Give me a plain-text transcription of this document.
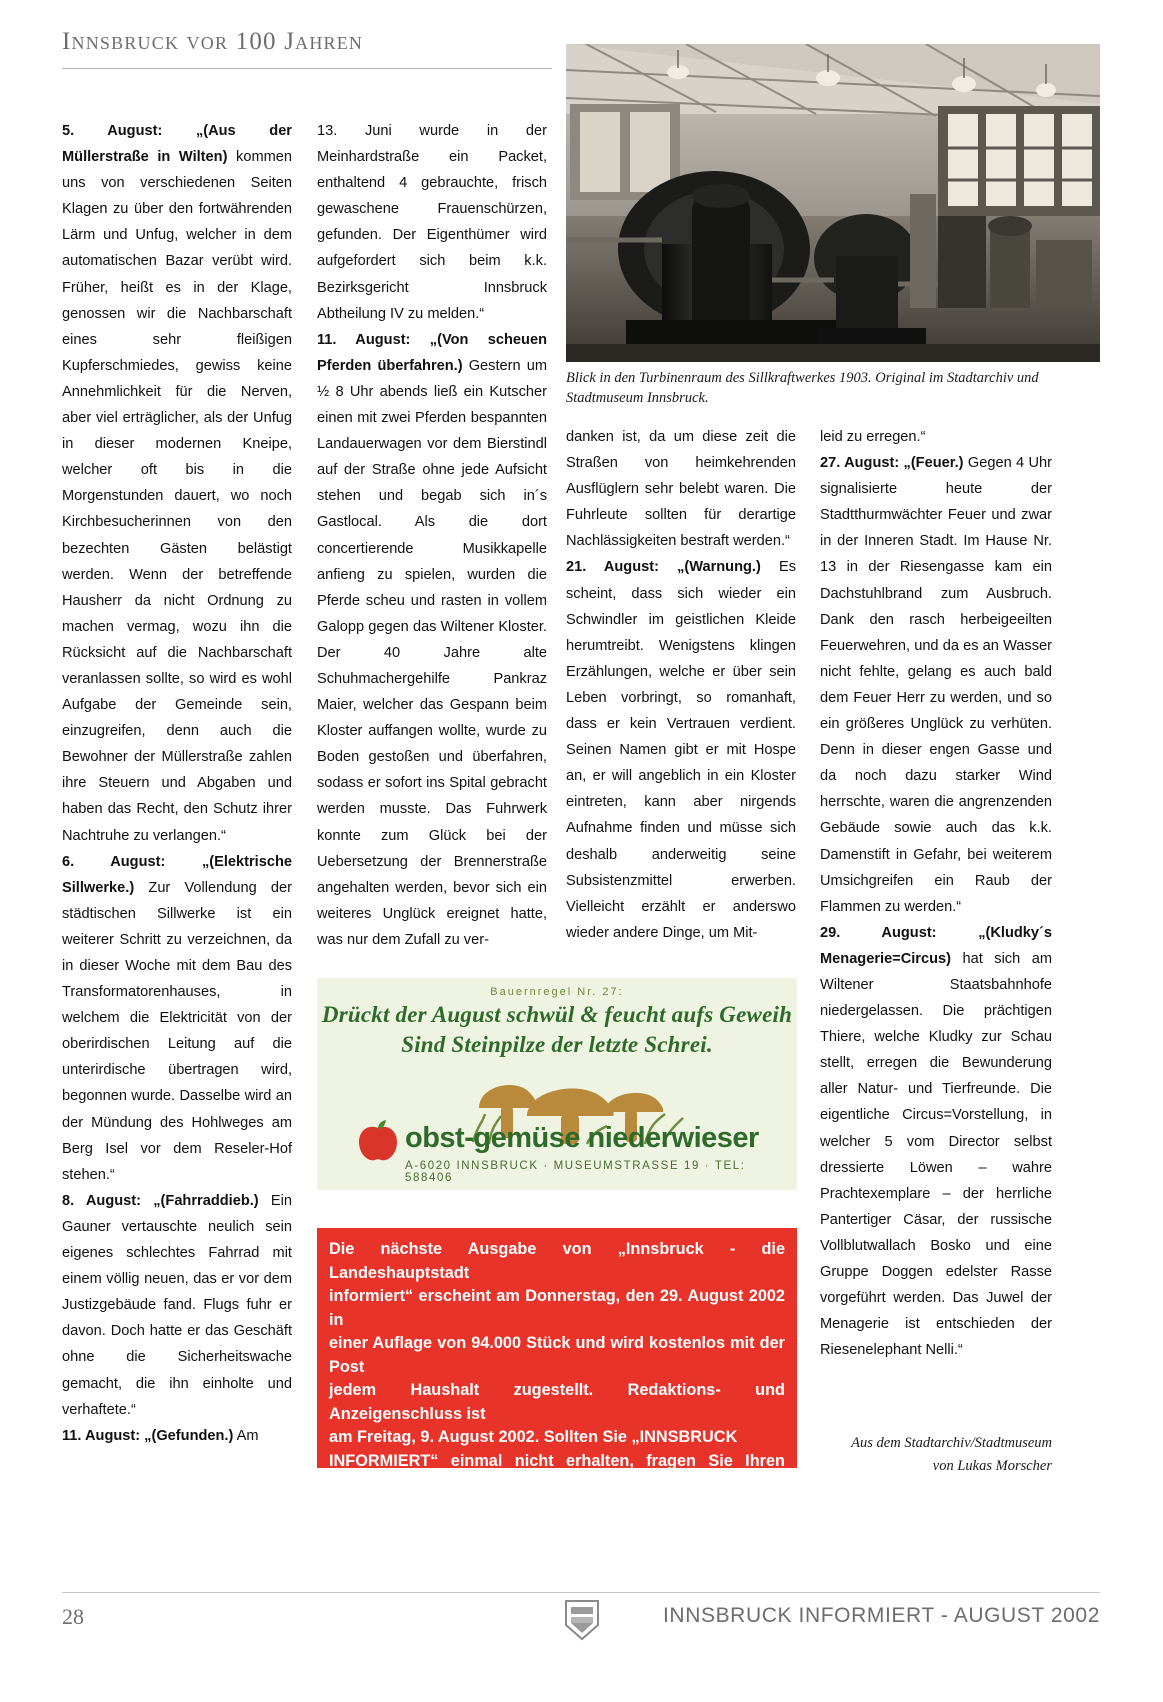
Innsbruck vor 100 Jahren
Blick in den Turbinenraum des Sillkraftwerkes 1903. Original im Stadtarchiv und Stadtmuseum Innsbruck.

5. August: „(Aus der Müllerstraße in Wilten) kommen uns von verschiedenen Seiten Klagen zu über den fortwährenden Lärm und Unfug, welcher in dem automatischen Bazar verübt wird. Früher, heißt es in der Klage, genossen wir die Nachbarschaft eines sehr fleißigen Kupferschmiedes, gewiss keine Annehmlichkeit für die Nerven, aber viel erträglicher, als der Unfug in dieser modernen Kneipe, welcher oft bis in die Morgenstunden dauert, wo noch Kirchbesucherinnen von den bezechten Gästen belästigt werden. Wenn der betreffende Hausherr da nicht Ordnung zu machen vermag, wozu ihn die Rücksicht auf die Nachbarschaft veranlassen sollte, so wird es wohl Aufgabe der Gemeinde sein, einzugreifen, denn auch die Bewohner der Müllerstraße zahlen ihre Steuern und Abgaben und haben das Recht, den Schutz ihrer Nachtruhe zu verlangen.“

6. August: „(Elektrische Sillwerke.) Zur Vollendung der städtischen Sillwerke ist ein weiterer Schritt zu verzeichnen, da in dieser Woche mit dem Bau des Transformatorenhauses, in welchem die Elektricität von der oberirdischen Leitung auf die unterirdische übertragen wird, begonnen wurde. Dasselbe wird an der Mündung des Hohlweges am Berg Isel vor dem Reseler-Hof stehen.“

8. August: „(Fahrraddieb.) Ein Gauner vertauschte neulich sein eigenes schlechtes Fahrrad mit einem völlig neuen, das er vor dem Justizgebäude fand. Flugs fuhr er davon. Doch hatte er das Geschäft ohne die Sicherheitswache gemacht, die ihn einholte und verhaftete.“

11. August: „(Gefunden.) Am

13. Juni wurde in der Meinhardstraße ein Packet, enthaltend 4 gebrauchte, frisch gewaschene Frauenschürzen, gefunden. Der Eigenthümer wird aufgefordert sich beim k.k. Bezirksgericht Innsbruck Abtheilung IV zu melden.“

11. August: „(Von scheuen Pferden überfahren.) Gestern um ½ 8 Uhr abends ließ ein Kutscher einen mit zwei Pferden bespannten Landauerwagen vor dem Bierstindl auf der Straße ohne jede Aufsicht stehen und begab sich in´s Gastlocal. Als die dort concertierende Musikkapelle anfieng zu spielen, wurden die Pferde scheu und rasten in vollem Galopp gegen das Wiltener Kloster. Der 40 Jahre alte Schuhmachergehilfe Pankraz Maier, welcher das Gespann beim Kloster auffangen wollte, wurde zu Boden gestoßen und überfahren, sodass er sofort ins Spital gebracht werden musste. Das Fuhrwerk konnte zum Glück bei der Uebersetzung der Brennerstraße angehalten werden, bevor sich ein weiteres Unglück ereignet hatte, was nur dem Zufall zu ver-

danken ist, da um diese zeit die Straßen von heimkehrenden Ausflüglern sehr belebt waren. Die Fuhrleute sollten für derartige Nachlässigkeiten bestraft werden.“

21. August: „(Warnung.) Es scheint, dass sich wieder ein Schwindler im geistlichen Kleide herumtreibt. Wenigstens klingen Erzählungen, welche er über sein Leben vorbringt, so romanhaft, dass er kein Vertrauen verdient. Seinen Namen gibt er mit Hospe an, er will angeblich in ein Kloster eintreten, kann aber nirgends Aufnahme finden und müsse sich deshalb anderweitig seine Subsistenzmittel erwerben. Vielleicht erzählt er anderswo wieder andere Dinge, um Mit-

leid zu erregen.“

27. August: „(Feuer.) Gegen 4 Uhr signalisierte heute der Stadtthurmwächter Feuer und zwar in der Inneren Stadt. Im Hause Nr. 13 in der Riesengasse kam ein Dachstuhlbrand zum Ausbruch. Dank den rasch herbeigeeilten Feuerwehren, und da es an Wasser nicht fehlte, gelang es auch bald dem Feuer Herr zu werden, und so ein größeres Unglück zu verhüten. Denn in dieser engen Gasse und da noch dazu starker Wind herrschte, waren die angrenzenden Gebäude sowie auch das k.k. Damenstift in Gefahr, bei weiterem Umsichgreifen ein Raub der Flammen zu werden.“

29. August: „(Kludky´s Menagerie=Circus) hat sich am Wiltener Staatsbahnhofe niedergelassen. Die prächtigen Thiere, welche Kludky zur Schau stellt, erregen die Bewunderung aller Natur- und Tierfreunde. Die eigentliche Circus=Vorstellung, in welcher 5 vom Director selbst dressierte Löwen – wahre Prachtexemplare – der herrliche Pantertiger Cäsar, der russische Vollblutwallach Bosko und eine Gruppe Doggen edelster Rasse vorgeführt werden. Das Juwel der Menagerie ist entschieden der Riesenelephant Nelli.“

Bauernregel Nr. 27:
Drückt der August schwül & feucht aufs Geweih
Sind Steinpilze der letzte Schrei.
obst-gemüse niederwieser
A-6020 INNSBRUCK · MUSEUMSTRASSE 19 · TEL: 588406
Die nächste Ausgabe von „Innsbruck - die Landeshauptstadt
informiert“ erscheint am Donnerstag, den 29. August 2002 in
einer Auflage von 94.000 Stück und wird kostenlos mit der Post
jedem Haushalt zugestellt. Redaktions- und Anzeigenschluss ist
am Freitag, 9. August 2002. Sollten Sie „INNSBRUCK
INFORMIERT“ einmal nicht erhalten, fragen Sie Ihren Briefträger
danach oder teilen uns das mit: Rathaus-Medienservice,
Fallmerayerstraße 2 (Ecke Fallmerayerstr./Colingasse), 1. Stock,
Tel. 57 24 66, Fax 53 60 - 1757, e-mail: medienservice@magibk.at
Aus dem Stadtarchiv/Stadtmuseum
von Lukas Morscher
28	INNSBRUCK INFORMIERT - AUGUST 2002
